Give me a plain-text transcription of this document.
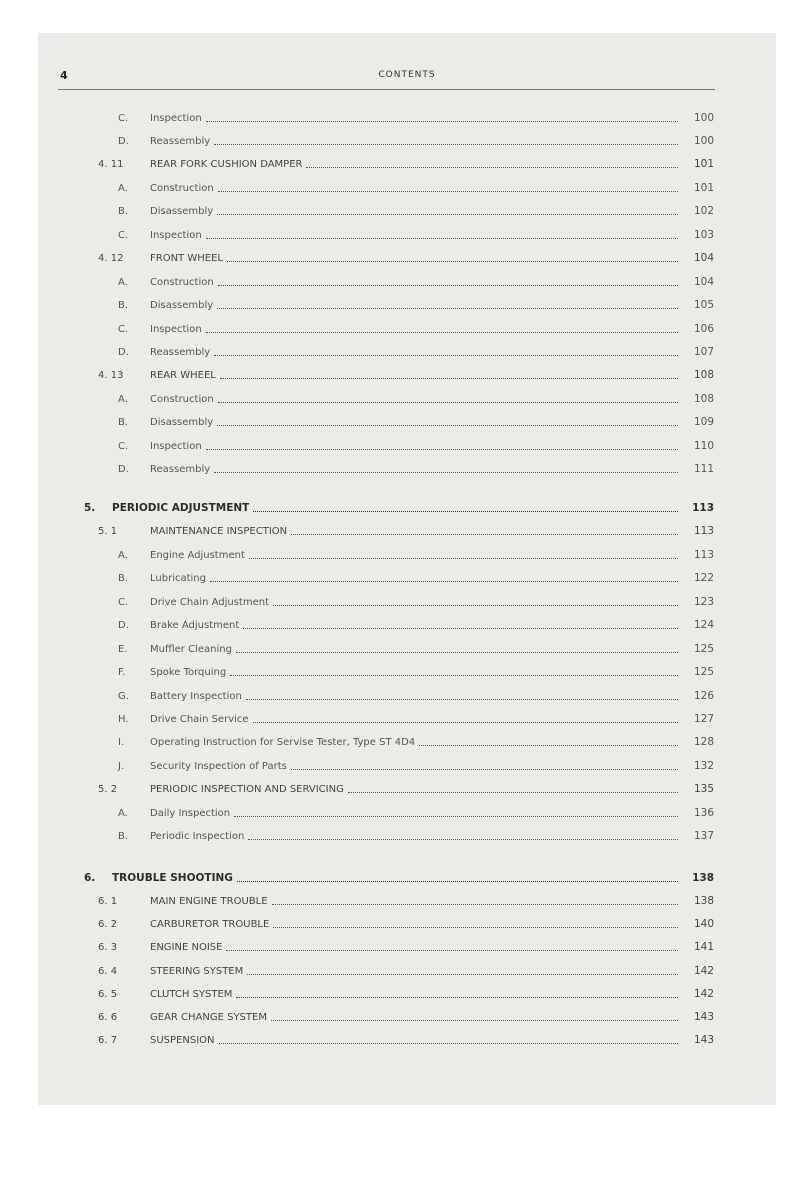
4	CONTENTS
C.	Inspection	100
D.	Reassembly	100
4. 11	REAR FORK CUSHION DAMPER	101
A.	Construction	101
B.	Disassembly	102
C.	Inspection	103
4. 12	FRONT WHEEL	104
A.	Construction	104
B.	Disassembly	105
C.	Inspection	106
D.	Reassembly	107
4. 13	REAR WHEEL	108
A.	Construction	108
B.	Disassembly	109
C.	Inspection	110
D.	Reassembly	111
5.	PERIODIC ADJUSTMENT	113
5. 1	MAINTENANCE INSPECTION	113
A.	Engine Adjustment	113
B.	Lubricating	122
C.	Drive Chain Adjustment	123
D.	Brake Adjustment	124
E.	Muffler Cleaning	125
F.	Spoke Torquing	125
G.	Battery Inspection	126
H.	Drive Chain Service	127
I.	Operating Instruction for Servise Tester, Type ST 4D4	128
J.	Security Inspection of Parts	132
5. 2	PERIODIC INSPECTION AND SERVICING	135
A.	Daily Inspection	136
B.	Periodic Inspection	137
6.	TROUBLE SHOOTING	138
6. 1	MAIN ENGINE TROUBLE	138
6. 2	CARBURETOR TROUBLE	140
6. 3	ENGINE NOISE	141
6. 4	STEERING SYSTEM	142
6. 5	CLUTCH SYSTEM	142
6. 6	GEAR CHANGE SYSTEM	143
6. 7	SUSPENSION	143
